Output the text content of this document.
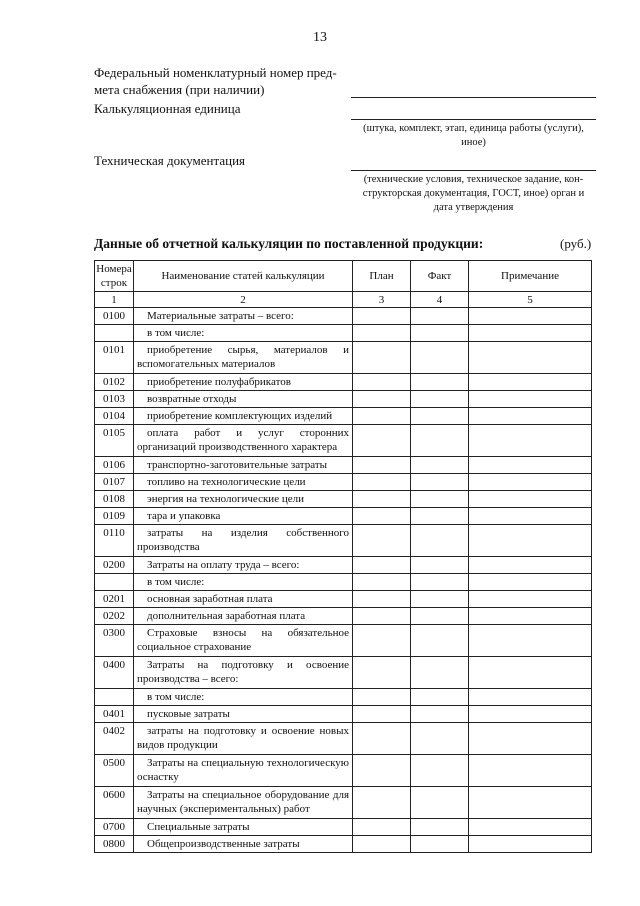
13
Федеральный номенклатурный номер пред-
мета снабжения (при наличии)
Калькуляционная единица
(штука, комплект, этап, единица работы (услуги),
иное)
Техническая документация
(технические условия, техническое задание, кон-
структорская документация, ГОСТ, иное) орган и
дата утверждения
Данные об отчетной калькуляции по поставленной продукции:	(руб.)
Номера
строк	Наименование статей калькуляции	План	Факт	Примечание
1	2	3	4	5
0100	Материальные затраты – всего:			

	в том числе:			

0101	приобретение сырья, материалов и вспомогательных материалов			

0102	приобретение полуфабрикатов			

0103	возвратные отходы			

0104	приобретение комплектующих изделий			

0105	оплата работ и услуг сторонних организаций производственного характера			

0106	транспортно-заготовительные затраты			

0107	топливо на технологические цели			

0108	энергия на технологические цели			

0109	тара и упаковка			

0110	затраты на изделия собственного производства			

0200	Затраты на оплату труда – всего:			

	в том числе:			

0201	основная заработная плата			

0202	дополнительная заработная плата			

0300	Страховые взносы на обязательное социальное страхование			

0400	Затраты на подготовку и освоение производства – всего:			

	в том числе:			

0401	пусковые затраты			

0402	затраты на подготовку и освоение новых видов продукции			

0500	Затраты на специальную технологическую оснастку			

0600	Затраты на специальное оборудование для научных (экспериментальных) работ			

0700	Специальные затраты			

0800	Общепроизводственные затраты			
